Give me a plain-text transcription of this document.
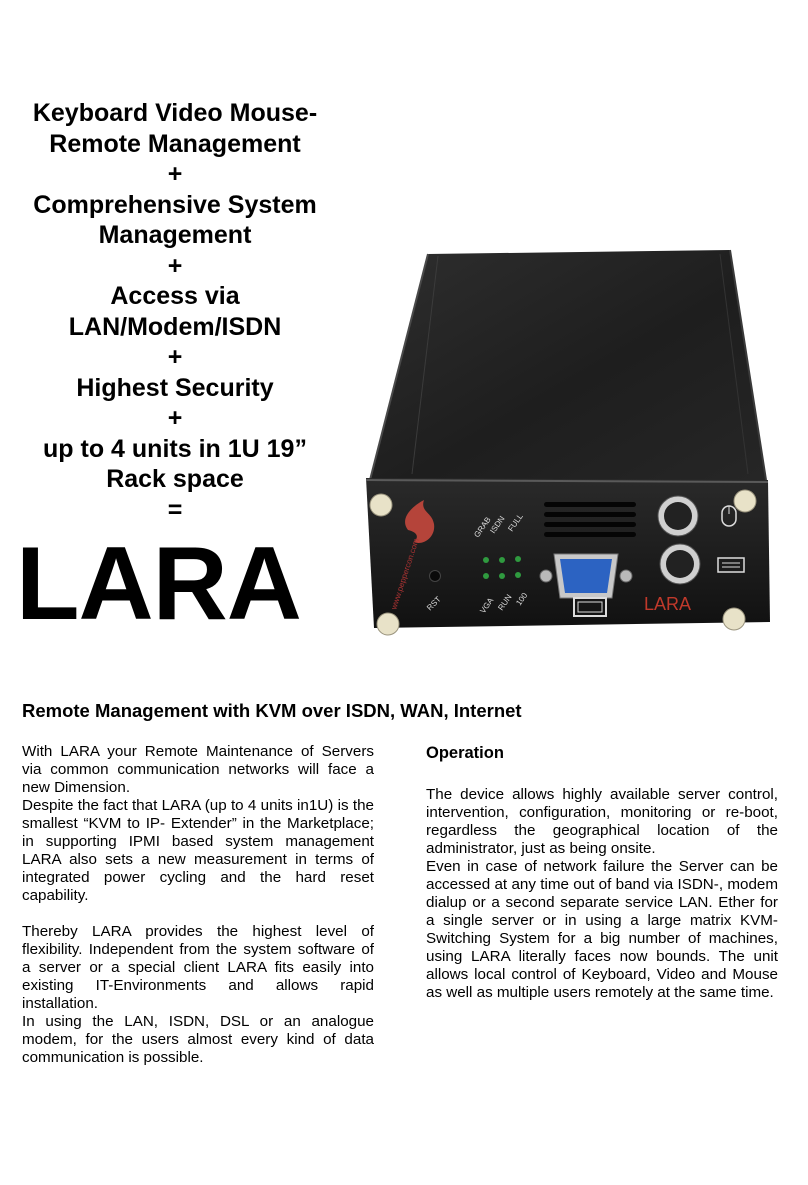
Keyboard Video Mouse-
Remote Management
+
Comprehensive System
Management
+
Access via
LAN/Modem/ISDN
+
Highest Security
+
up to 4 units in 1U 19”
Rack space
=
LARA	www.peppercon.com RST
GRAB
ISDN FULL
VGA RUN 100	LARA
Remote Management with KVM over ISDN, WAN, Internet

With LARA your Remote Maintenance of Servers via common communication networks will face a new Dimension.

Despite the fact that LARA (up to 4 units in1U) is the smallest “KVM to IP- Extender” in the Marketplace; in supporting IPMI based system management LARA also sets a new measurement in terms of integrated power cycling and the hard reset capability.

Thereby LARA provides the highest level of flexibility. Independent from the system software of a server or a special client LARA fits easily into existing IT-Environments and allows rapid installation.

In using the LAN, ISDN, DSL or an analogue modem, for the users almost every kind of data communication is possible.

Operation

The device allows highly available server control, intervention, configuration, monitoring or re-boot, regardless the geographical location of the administrator, just as being onsite.

Even in case of network failure the Server can be accessed at any time out of band via ISDN-, modem dialup or a second separate service LAN. Ether for a single server or in using a large matrix KVM-Switching System for a big number of machines, using LARA literally faces now bounds. The unit allows local control of Keyboard, Video and Mouse as well as multiple users remotely at the same time.
